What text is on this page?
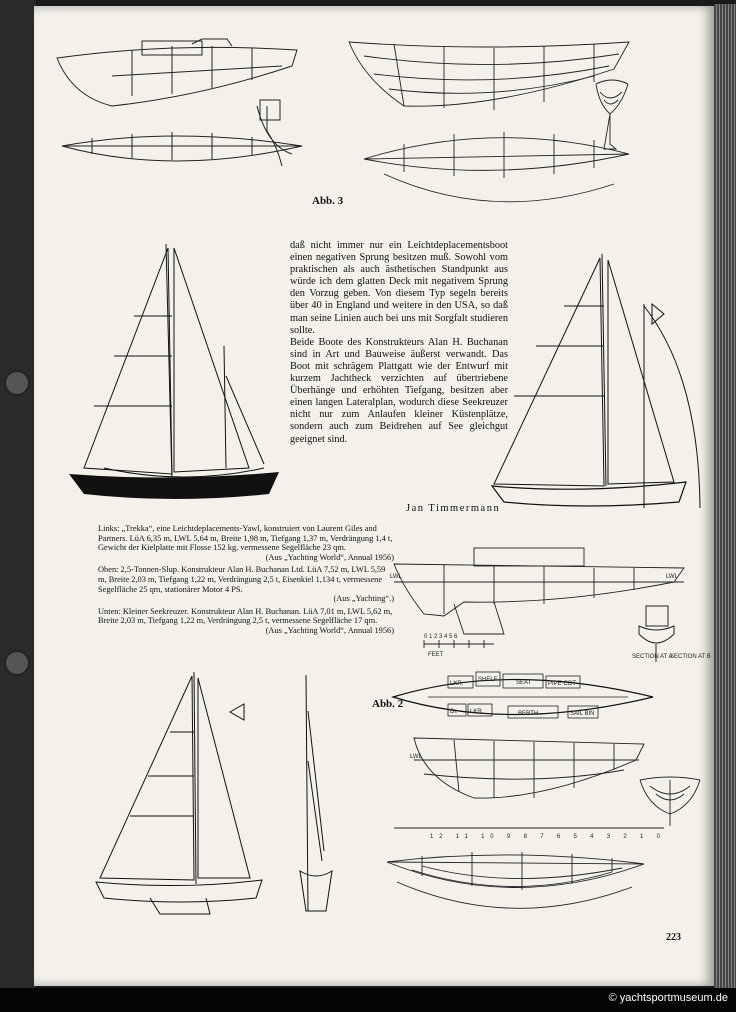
Abb. 3

daß nicht immer nur ein Leichtdeplacementsboot einen negativen Sprung besitzen muß. Sowohl vom praktischen als auch ästhetischen Standpunkt aus würde ich dem glatten Deck mit negativem Sprung den Vorzug geben. Von diesem Typ segeln bereits über 40 in England und weitere in den USA, so daß man seine Linien auch bei uns mit Sorgfalt studieren sollte.

Beide Boote des Konstrukteurs Alan H. Buchanan sind in Art und Bauweise äußerst verwandt. Das Boot mit schrägem Plattgatt wie der Entwurf mit kurzem Jachtheck verzichten auf übertriebene Überhänge und erhöhten Tiefgang, besitzen aber einen langen Lateralplan, wodurch diese Seekreuzer nicht nur zum Anlaufen kleiner Küstenplätze, sondern auch zum Beidrehen auf See gleichgut geeignet sind.

Jan Timmermann

Links: „Trekka“, eine Leichtdeplacements-Yawl, konstruiert von Laurent Giles and Partners. LüA 6,35 m, LWL 5,64 m, Breite 1,98 m, Tiefgang 1,37 m, Verdrängung 1,4 t, Gewicht der Kielplatte mit Flosse 152 kg, vermessene Segelfläche 23 qm.
(Aus „Yachting World“, Annual 1956)

Oben: 2,5-Tonnen-Slup. Konstrukteur Alan H. Buchanan Ltd. LüA 7,52 m, LWL 5,59 m, Breite 2,03 m, Tiefgang 1,22 m, Verdrängung 2,5 t, Eisenkiel 1,134 t, vermessene Segelfläche 25 qm, stationärer Motor 4 PS.
(Aus „Yachting“.)

Unten: Kleiner Seekreuzer. Konstrukteur Alan H. Buchanan. LüA 7,01 m, LWL 5,62 m, Breite 2,03 m, Tiefgang 1,22 m, Verdrängung 2,5 t, vermessene Segelfläche 17 qm.
(Aus „Yachting World“, Annual 1956)

LWL	LWL
0 1 2 3 4 5 6
FEET	SECTION AT A
SECTION AT B
Abb. 2
LKR.
SHELF	SEAT	PIPE COT
Dr. LKR.	BERTH	SAIL BIN
LWL
12 11 10 9 8 7 6 5 4 3 2 1 0
223
© yachtsportmuseum.de
